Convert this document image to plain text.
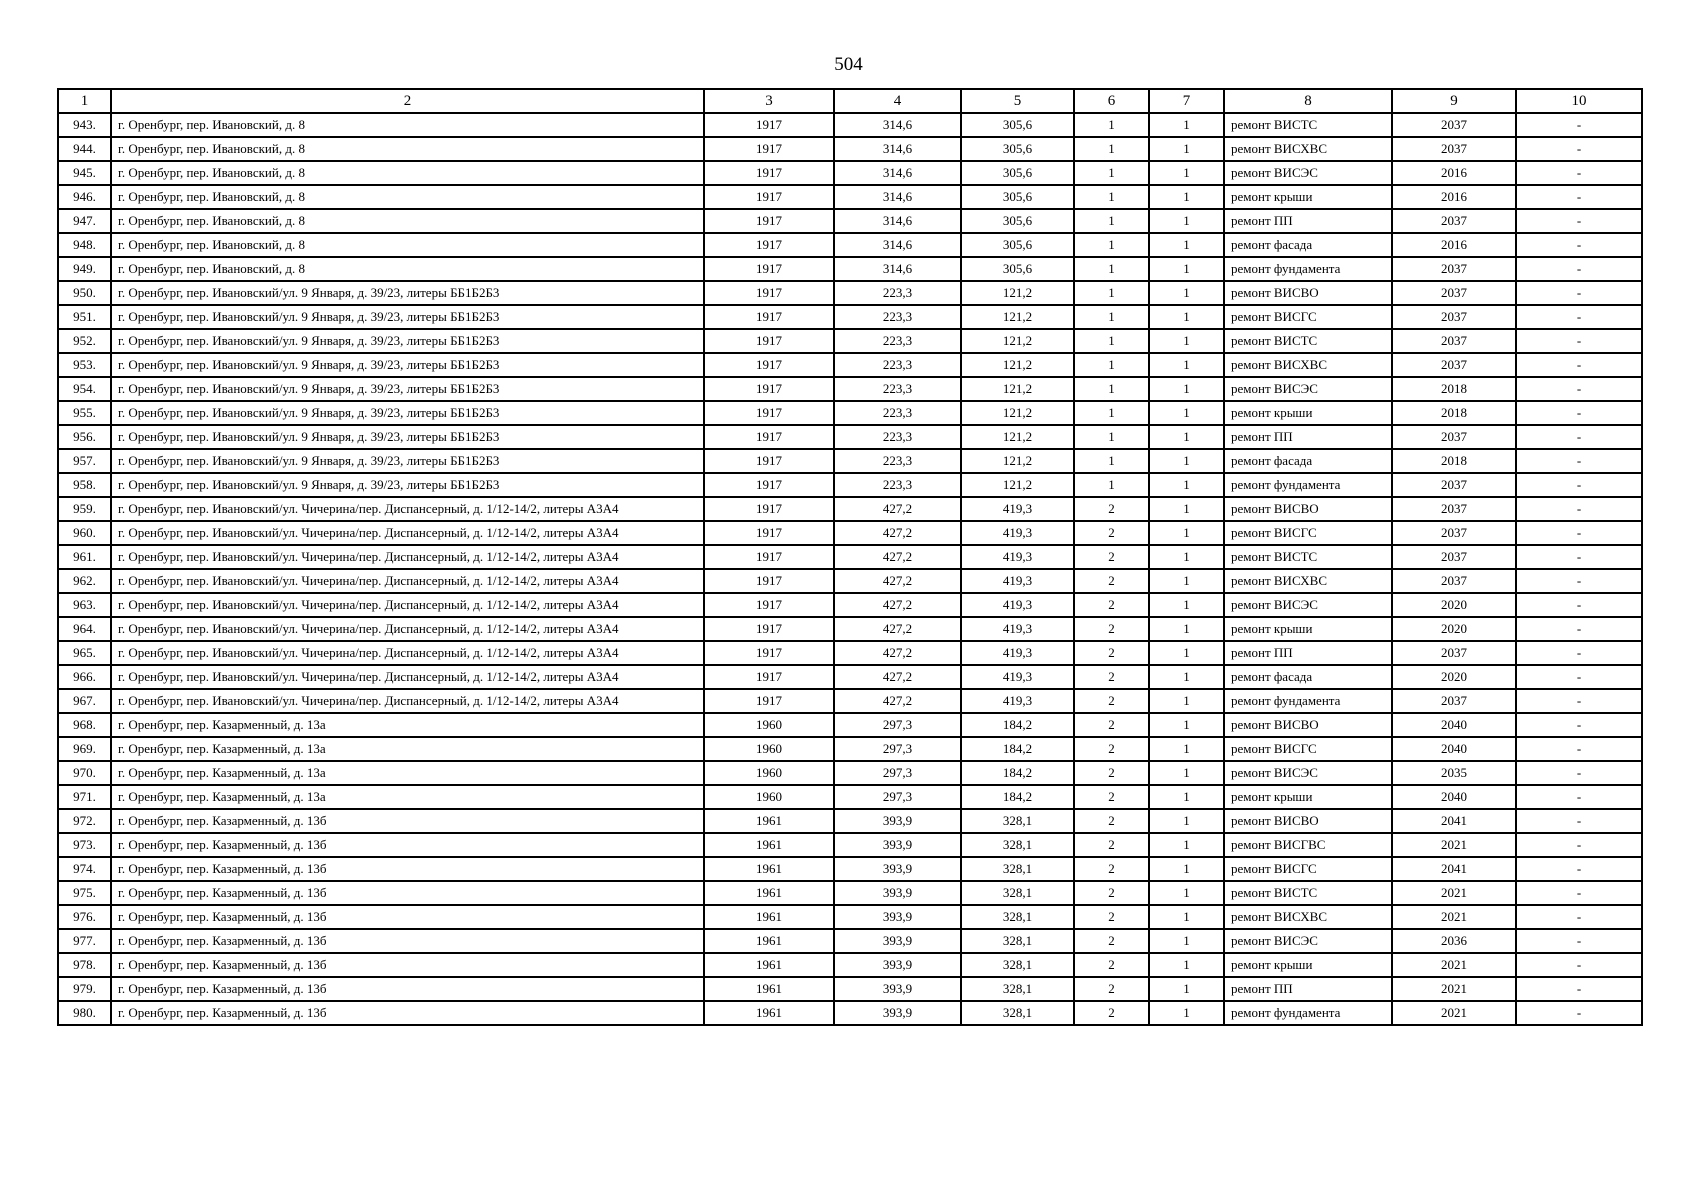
504
1	2	3	4	5	6	7	8	9	10
943.	г. Оренбург, пер. Ивановский, д. 8	1917	314,6	305,6	1	1	ремонт ВИСТС	2037	-
944.	г. Оренбург, пер. Ивановский, д. 8	1917	314,6	305,6	1	1	ремонт ВИСХВС	2037	-
945.	г. Оренбург, пер. Ивановский, д. 8	1917	314,6	305,6	1	1	ремонт ВИСЭС	2016	-
946.	г. Оренбург, пер. Ивановский, д. 8	1917	314,6	305,6	1	1	ремонт крыши	2016	-
947.	г. Оренбург, пер. Ивановский, д. 8	1917	314,6	305,6	1	1	ремонт ПП	2037	-
948.	г. Оренбург, пер. Ивановский, д. 8	1917	314,6	305,6	1	1	ремонт фасада	2016	-
949.	г. Оренбург, пер. Ивановский, д. 8	1917	314,6	305,6	1	1	ремонт фундамента	2037	-
950.	г. Оренбург, пер. Ивановский/ул. 9 Января, д. 39/23, литеры ББ1Б2Б3	1917	223,3	121,2	1	1	ремонт ВИСВО	2037	-
951.	г. Оренбург, пер. Ивановский/ул. 9 Января, д. 39/23, литеры ББ1Б2Б3	1917	223,3	121,2	1	1	ремонт ВИСГС	2037	-
952.	г. Оренбург, пер. Ивановский/ул. 9 Января, д. 39/23, литеры ББ1Б2Б3	1917	223,3	121,2	1	1	ремонт ВИСТС	2037	-
953.	г. Оренбург, пер. Ивановский/ул. 9 Января, д. 39/23, литеры ББ1Б2Б3	1917	223,3	121,2	1	1	ремонт ВИСХВС	2037	-
954.	г. Оренбург, пер. Ивановский/ул. 9 Января, д. 39/23, литеры ББ1Б2Б3	1917	223,3	121,2	1	1	ремонт ВИСЭС	2018	-
955.	г. Оренбург, пер. Ивановский/ул. 9 Января, д. 39/23, литеры ББ1Б2Б3	1917	223,3	121,2	1	1	ремонт крыши	2018	-
956.	г. Оренбург, пер. Ивановский/ул. 9 Января, д. 39/23, литеры ББ1Б2Б3	1917	223,3	121,2	1	1	ремонт ПП	2037	-
957.	г. Оренбург, пер. Ивановский/ул. 9 Января, д. 39/23, литеры ББ1Б2Б3	1917	223,3	121,2	1	1	ремонт фасада	2018	-
958.	г. Оренбург, пер. Ивановский/ул. 9 Января, д. 39/23, литеры ББ1Б2Б3	1917	223,3	121,2	1	1	ремонт фундамента	2037	-
959.	г. Оренбург, пер. Ивановский/ул. Чичерина/пер. Диспансерный, д. 1/12-14/2, литеры А3А4	1917	427,2	419,3	2	1	ремонт ВИСВО	2037	-
960.	г. Оренбург, пер. Ивановский/ул. Чичерина/пер. Диспансерный, д. 1/12-14/2, литеры А3А4	1917	427,2	419,3	2	1	ремонт ВИСГС	2037	-
961.	г. Оренбург, пер. Ивановский/ул. Чичерина/пер. Диспансерный, д. 1/12-14/2, литеры А3А4	1917	427,2	419,3	2	1	ремонт ВИСТС	2037	-
962.	г. Оренбург, пер. Ивановский/ул. Чичерина/пер. Диспансерный, д. 1/12-14/2, литеры А3А4	1917	427,2	419,3	2	1	ремонт ВИСХВС	2037	-
963.	г. Оренбург, пер. Ивановский/ул. Чичерина/пер. Диспансерный, д. 1/12-14/2, литеры А3А4	1917	427,2	419,3	2	1	ремонт ВИСЭС	2020	-
964.	г. Оренбург, пер. Ивановский/ул. Чичерина/пер. Диспансерный, д. 1/12-14/2, литеры А3А4	1917	427,2	419,3	2	1	ремонт крыши	2020	-
965.	г. Оренбург, пер. Ивановский/ул. Чичерина/пер. Диспансерный, д. 1/12-14/2, литеры А3А4	1917	427,2	419,3	2	1	ремонт ПП	2037	-
966.	г. Оренбург, пер. Ивановский/ул. Чичерина/пер. Диспансерный, д. 1/12-14/2, литеры А3А4	1917	427,2	419,3	2	1	ремонт фасада	2020	-
967.	г. Оренбург, пер. Ивановский/ул. Чичерина/пер. Диспансерный, д. 1/12-14/2, литеры А3А4	1917	427,2	419,3	2	1	ремонт фундамента	2037	-
968.	г. Оренбург, пер. Казарменный, д. 13а	1960	297,3	184,2	2	1	ремонт ВИСВО	2040	-
969.	г. Оренбург, пер. Казарменный, д. 13а	1960	297,3	184,2	2	1	ремонт ВИСГС	2040	-
970.	г. Оренбург, пер. Казарменный, д. 13а	1960	297,3	184,2	2	1	ремонт ВИСЭС	2035	-
971.	г. Оренбург, пер. Казарменный, д. 13а	1960	297,3	184,2	2	1	ремонт крыши	2040	-
972.	г. Оренбург, пер. Казарменный, д. 13б	1961	393,9	328,1	2	1	ремонт ВИСВО	2041	-
973.	г. Оренбург, пер. Казарменный, д. 13б	1961	393,9	328,1	2	1	ремонт ВИСГВС	2021	-
974.	г. Оренбург, пер. Казарменный, д. 13б	1961	393,9	328,1	2	1	ремонт ВИСГС	2041	-
975.	г. Оренбург, пер. Казарменный, д. 13б	1961	393,9	328,1	2	1	ремонт ВИСТС	2021	-
976.	г. Оренбург, пер. Казарменный, д. 13б	1961	393,9	328,1	2	1	ремонт ВИСХВС	2021	-
977.	г. Оренбург, пер. Казарменный, д. 13б	1961	393,9	328,1	2	1	ремонт ВИСЭС	2036	-
978.	г. Оренбург, пер. Казарменный, д. 13б	1961	393,9	328,1	2	1	ремонт крыши	2021	-
979.	г. Оренбург, пер. Казарменный, д. 13б	1961	393,9	328,1	2	1	ремонт ПП	2021	-
980.	г. Оренбург, пер. Казарменный, д. 13б	1961	393,9	328,1	2	1	ремонт фундамента	2021	-
